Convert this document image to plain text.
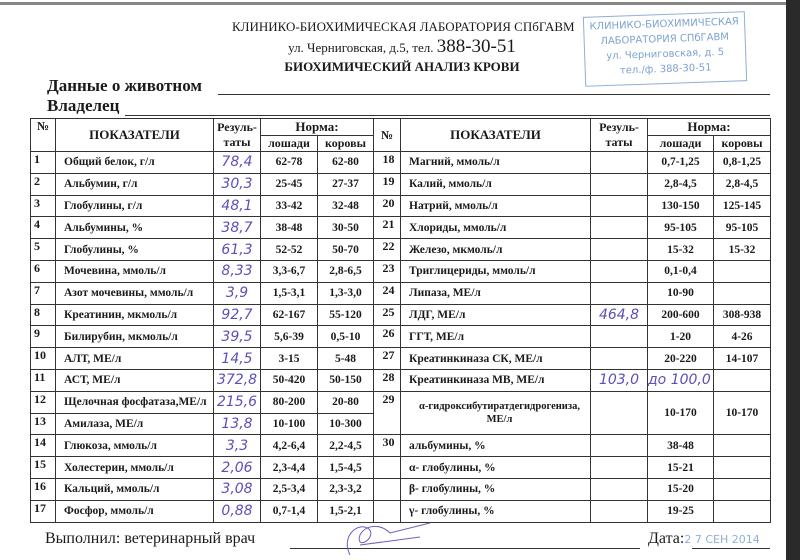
КЛИНИКО-БИОХИМИЧЕСКАЯ ЛАБОРАТОРИЯ СПбГАВМ
ул. Черниговская, д.5, тел. 388-30-51
БИОХИМИЧЕСКИЙ АНАЛИЗ КРОВИ
КЛИНИКО-БИОХИМИЧЕСКАЯ
ЛАБОРАТОРИЯ СПбГАВМ
ул. Черниговская, д. 5
тел./ф. 388-30-51
Данные о животном
Владелец
№	ПОКАЗАТЕЛИ	Резуль-таты	Норма:		№	ПОКАЗАТЕЛИ	Резуль-таты	Норма:	
			лошади	коровы				лошади	коровы
1	Общий белок, г/л	78,4	62-78	62-80	18	Магний, ммоль/л		0,7-1,25	0,8-1,25
2	Альбумин, г/л	30,3	25-45	27-37	19	Калий, ммоль/л		2,8-4,5	2,8-4,5
3	Глобулины, г/л	48,1	33-42	32-48	20	Натрий, ммоль/л		130-150	125-145
4	Альбумины, %	38,7	38-48	30-50	21	Хлориды, ммоль/л		95-105	95-105
5	Глобулины, %	61,3	52-52	50-70	22	Железо, мкмоль/л		15-32	15-32
6	Мочевина, ммоль/л	8,33	3,3-6,7	2,8-6,5	23	Триглицериды, ммоль/л		0,1-0,4	
7	Азот мочевины, ммоль/л	3,9	1,5-3,1	1,3-3,0	24	Липаза, МЕ/л		10-90	
8	Креатинин, мкмоль/л	92,7	62-167	55-120	25	ЛДГ, МЕ/л	464,8	200-600	308-938
9	Билирубин, мкмоль/л	39,5	5,6-39	0,5-10	26	ГГТ, МЕ/л		1-20	4-26
10	АЛТ, МЕ/л	14,5	3-15	5-48	27	Креатинкиназа СК, МЕ/л		20-220	14-107
11	АСТ, МЕ/л	372,8	50-420	50-150	28	Креатинкиназа МВ, МЕ/л	103,0	до 100,0	
12	Щелочная фосфатаза,МЕ/л	215,6	80-200	20-80	29	α-гидроксибутиратдегидрогениза, МЕ/л		10-170	10-170
13	Амилаза, МЕ/л	13,8	10-100	10-300					
14	Глюкоза, ммоль/л	3,3	4,2-6,4	2,2-4,5	30	альбумины, %		38-48	
15	Холестерин, ммоль/л	2,06	2,3-4,4	1,5-4,5		α- глобулины, %		15-21	
16	Кальций, ммоль/л	3,08	2,5-3,4	2,3-3,2		β- глобулины, %		15-20	
17	Фосфор, ммоль/л	0,88	0,7-1,4	1,5-2,1		γ- глобулины, %		19-25	
Выполнил: ветеринарный врач	Дата:2 7 СЕН 2014
